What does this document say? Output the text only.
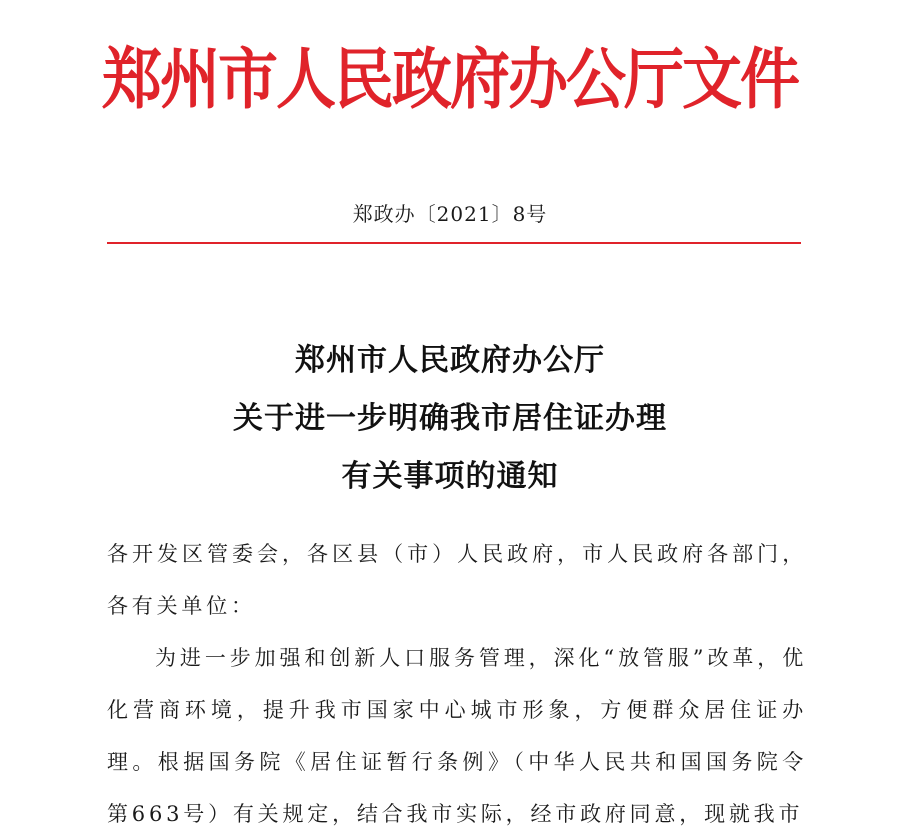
郑州市人民政府办公厅文件
郑政办〔2021〕8号
郑州市人民政府办公厅
关于进一步明确我市居住证办理
有关事项的通知

各开发区管委会，各区县（市）人民政府，市人民政府各部门，各有关单位：

为进一步加强和创新人口服务管理，深化“放管服”改革，优化营商环境，提升我市国家中心城市形象，方便群众居住证办理。根据国务院《居住证暂行条例》（中华人民共和国国务院令第663号）有关规定，结合我市实际，经市政府同意，现就我市
